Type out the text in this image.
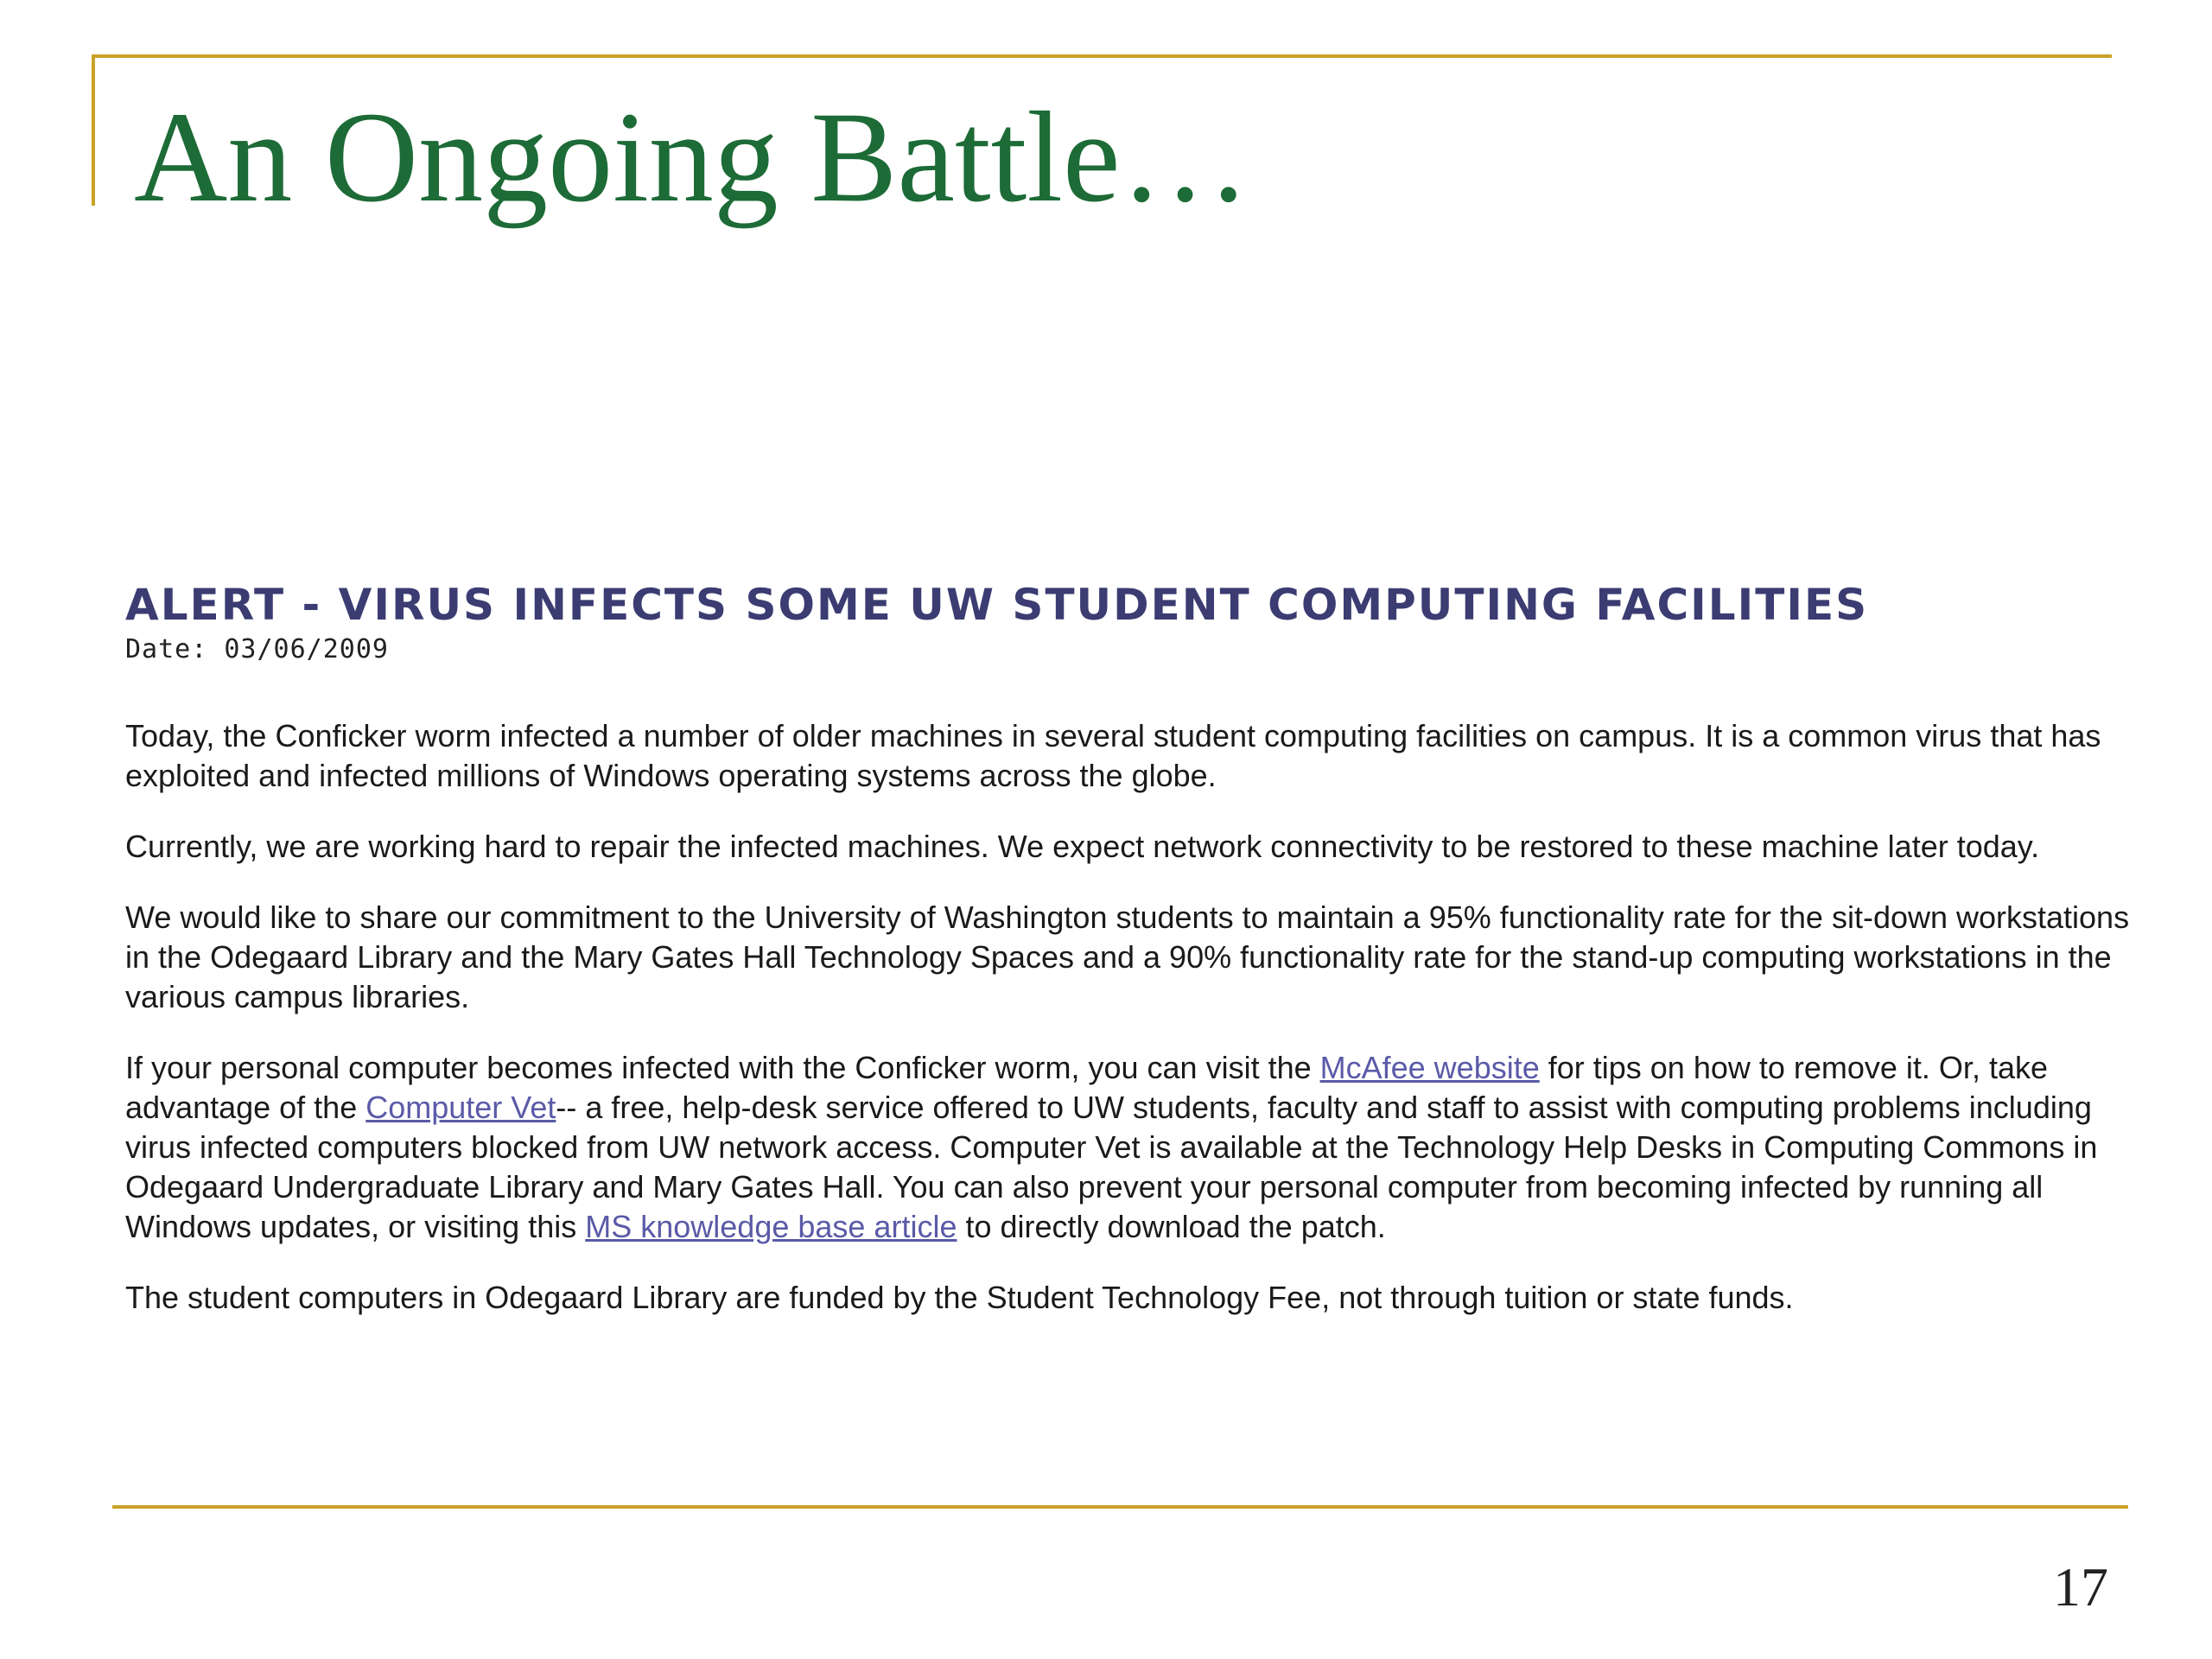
An Ongoing Battle…
ALERT - VIRUS INFECTS SOME UW STUDENT COMPUTING FACILITIES
Date: 03/06/2009

Today, the Conficker worm infected a number of older machines in several student computing facilities on campus. It is a common virus that has exploited and infected millions of Windows operating systems across the globe.

Currently, we are working hard to repair the infected machines. We expect network connectivity to be restored to these machine later today.

We would like to share our commitment to the University of Washington students to maintain a 95% functionality rate for the sit-down workstations in the Odegaard Library and the Mary Gates Hall Technology Spaces and a 90% functionality rate for the stand-up computing workstations in the various campus libraries.

If your personal computer becomes infected with the Conficker worm, you can visit the McAfee website for tips on how to remove it. Or, take advantage of the Computer Vet-- a free, help-desk service offered to UW students, faculty and staff to assist with computing problems including virus infected computers blocked from UW network access. Computer Vet is available at the Technology Help Desks in Computing Commons in Odegaard Undergraduate Library and Mary Gates Hall. You can also prevent your personal computer from becoming infected by running all Windows updates, or visiting this MS knowledge base article to directly download the patch.

The student computers in Odegaard Library are funded by the Student Technology Fee, not through tuition or state funds.

17
